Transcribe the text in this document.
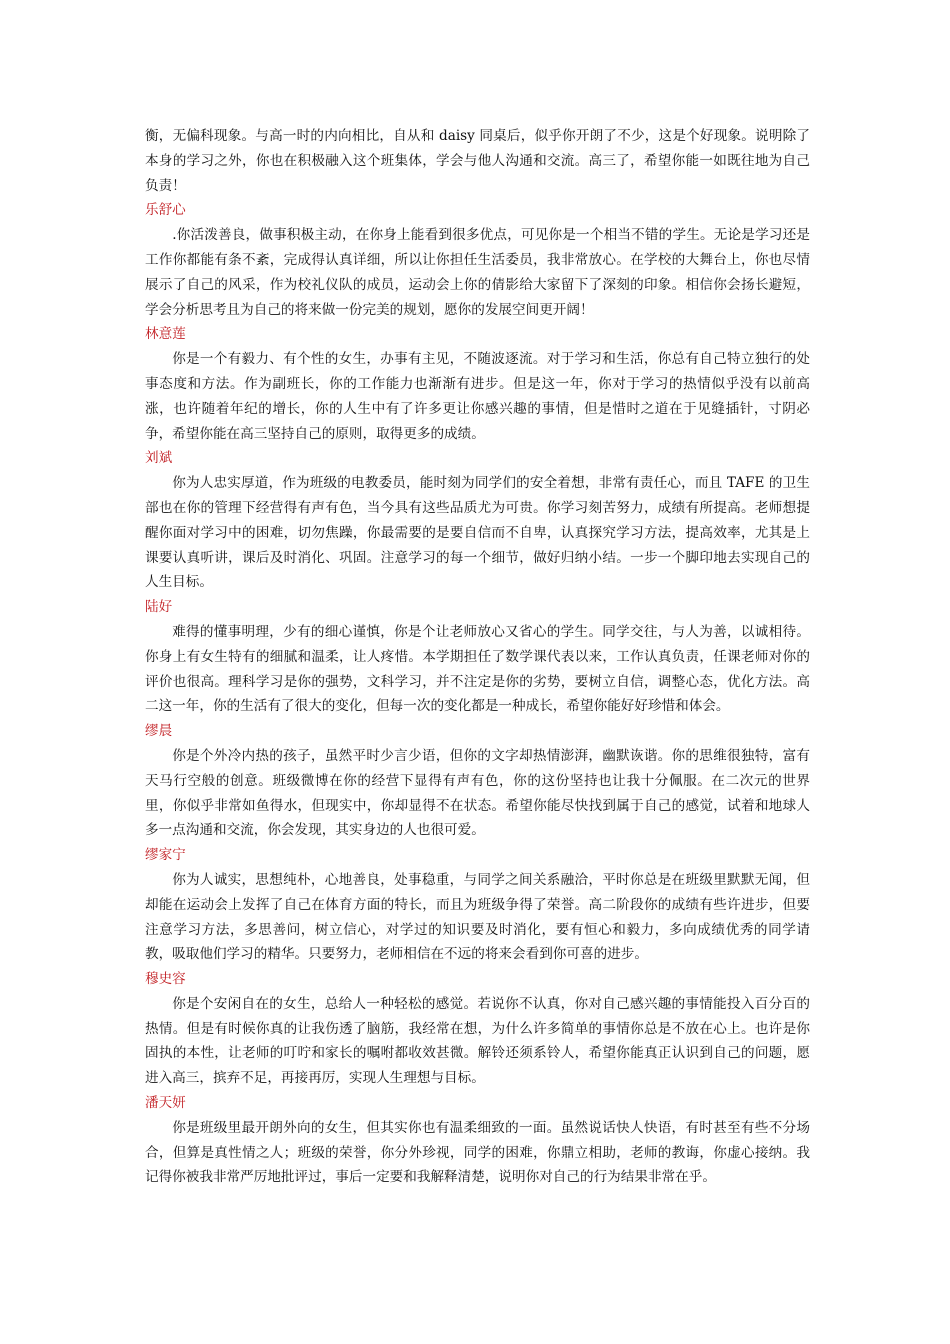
衡，无偏科现象。与高一时的内向相比，自从和 daisy 同桌后，似乎你开朗了不少，这是个好现象。说明除了本身的学习之外，你也在积极融入这个班集体，学会与他人沟通和交流。高三了，希望你能一如既往地为自己负责！

乐舒心

.你活泼善良，做事积极主动，在你身上能看到很多优点，可见你是一个相当不错的学生。无论是学习还是工作你都能有条不紊，完成得认真详细，所以让你担任生活委员，我非常放心。在学校的大舞台上，你也尽情展示了自己的风采，作为校礼仪队的成员，运动会上你的倩影给大家留下了深刻的印象。相信你会扬长避短，学会分析思考且为自己的将来做一份完美的规划，愿你的发展空间更开阔！

林意莲

你是一个有毅力、有个性的女生，办事有主见，不随波逐流。对于学习和生活，你总有自己特立独行的处事态度和方法。作为副班长，你的工作能力也渐渐有进步。但是这一年，你对于学习的热情似乎没有以前高涨，也许随着年纪的增长，你的人生中有了许多更让你感兴趣的事情，但是惜时之道在于见缝插针，寸阴必争，希望你能在高三坚持自己的原则，取得更多的成绩。

刘斌

你为人忠实厚道，作为班级的电教委员，能时刻为同学们的安全着想，非常有责任心，而且 TAFE 的卫生部也在你的管理下经营得有声有色，当今具有这些品质尤为可贵。你学习刻苦努力，成绩有所提高。老师想提醒你面对学习中的困难，切勿焦躁，你最需要的是要自信而不自卑，认真探究学习方法，提高效率，尤其是上课要认真听讲，课后及时消化、巩固。注意学习的每一个细节，做好归纳小结。一步一个脚印地去实现自己的人生目标。

陆好

难得的懂事明理，少有的细心谨慎，你是个让老师放心又省心的学生。同学交往，与人为善，以诚相待。你身上有女生特有的细腻和温柔，让人疼惜。本学期担任了数学课代表以来，工作认真负责，任课老师对你的评价也很高。理科学习是你的强势，文科学习，并不注定是你的劣势，要树立自信，调整心态，优化方法。高二这一年，你的生活有了很大的变化，但每一次的变化都是一种成长，希望你能好好珍惜和体会。

缪晨

你是个外冷内热的孩子，虽然平时少言少语，但你的文字却热情澎湃，幽默诙谐。你的思维很独特，富有天马行空般的创意。班级微博在你的经营下显得有声有色，你的这份坚持也让我十分佩服。在二次元的世界里，你似乎非常如鱼得水，但现实中，你却显得不在状态。希望你能尽快找到属于自己的感觉，试着和地球人多一点沟通和交流，你会发现，其实身边的人也很可爱。

缪家宁

你为人诚实，思想纯朴，心地善良，处事稳重，与同学之间关系融洽，平时你总是在班级里默默无闻，但却能在运动会上发挥了自己在体育方面的特长，而且为班级争得了荣誉。高二阶段你的成绩有些许进步，但要注意学习方法，多思善问，树立信心，对学过的知识要及时消化，要有恒心和毅力，多向成绩优秀的同学请教，吸取他们学习的精华。只要努力，老师相信在不远的将来会看到你可喜的进步。

穆史容

你是个安闲自在的女生，总给人一种轻松的感觉。若说你不认真，你对自己感兴趣的事情能投入百分百的热情。但是有时候你真的让我伤透了脑筋，我经常在想，为什么许多简单的事情你总是不放在心上。也许是你固执的本性，让老师的叮咛和家长的嘱咐都收效甚微。解铃还须系铃人，希望你能真正认识到自己的问题，愿进入高三，摈弃不足，再接再厉，实现人生理想与目标。

潘天妍

你是班级里最开朗外向的女生，但其实你也有温柔细致的一面。虽然说话快人快语，有时甚至有些不分场合，但算是真性情之人；班级的荣誉，你分外珍视，同学的困难，你鼎立相助，老师的教诲，你虚心接纳。我记得你被我非常严厉地批评过，事后一定要和我解释清楚，说明你对自己的行为结果非常在乎。
